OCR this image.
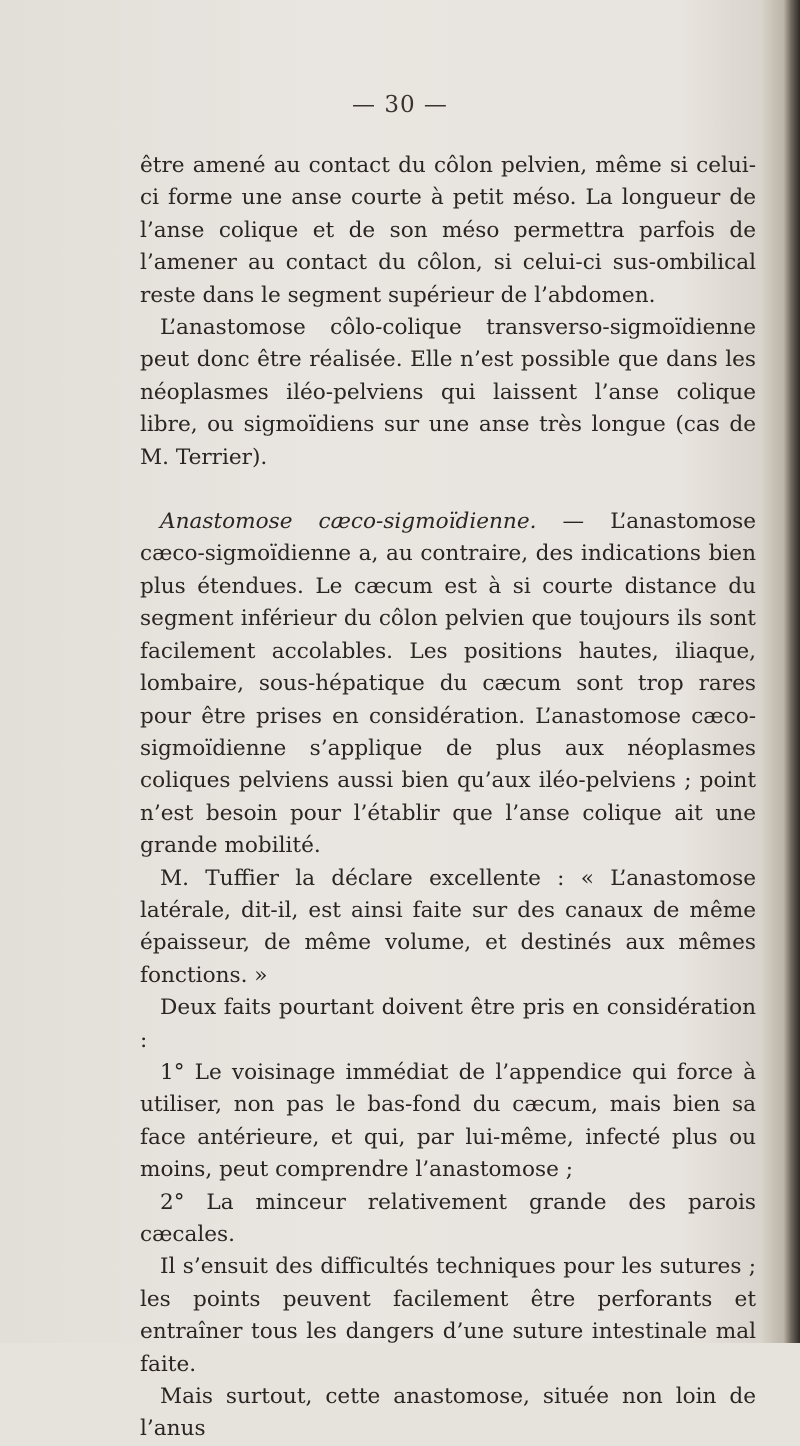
— 30 —

être amené au contact du côlon pelvien, même si celui-ci forme une anse courte à petit méso. La longueur de l’anse colique et de son méso permettra parfois de l’amener au contact du côlon, si celui-ci sus-ombilical reste dans le segment supérieur de l’abdomen.

L’anastomose côlo-colique transverso-sigmoïdienne peut donc être réalisée. Elle n’est possible que dans les néoplasmes iléo-pelviens qui laissent l’anse colique libre, ou sigmoïdiens sur une anse très longue (cas de M. Terrier).

Anastomose cæco-sigmoïdienne. — L’anastomose cæco-sigmoïdienne a, au contraire, des indications bien plus étendues. Le cæcum est à si courte distance du segment inférieur du côlon pelvien que toujours ils sont facilement accolables. Les positions hautes, iliaque, lombaire, sous-hépatique du cæcum sont trop rares pour être prises en considération. L’anastomose cæco-sigmoïdienne s’applique de plus aux néoplasmes coliques pelviens aussi bien qu’aux iléo-pelviens ; point n’est besoin pour l’établir que l’anse colique ait une grande mobilité.

M. Tuffier la déclare excellente : « L’anastomose latérale, dit-il, est ainsi faite sur des canaux de même épaisseur, de même volume, et destinés aux mêmes fonctions. »

Deux faits pourtant doivent être pris en considération :

1° Le voisinage immédiat de l’appendice qui force à utiliser, non pas le bas-fond du cæcum, mais bien sa face antérieure, et qui, par lui-même, infecté plus ou moins, peut comprendre l’anastomose ;

2° La minceur relativement grande des parois cæcales.

Il s’ensuit des difficultés techniques pour les sutures ; les points peuvent facilement être perforants et entraîner tous les dangers d’une suture intestinale mal faite.

Mais surtout, cette anastomose, située non loin de l’anus
